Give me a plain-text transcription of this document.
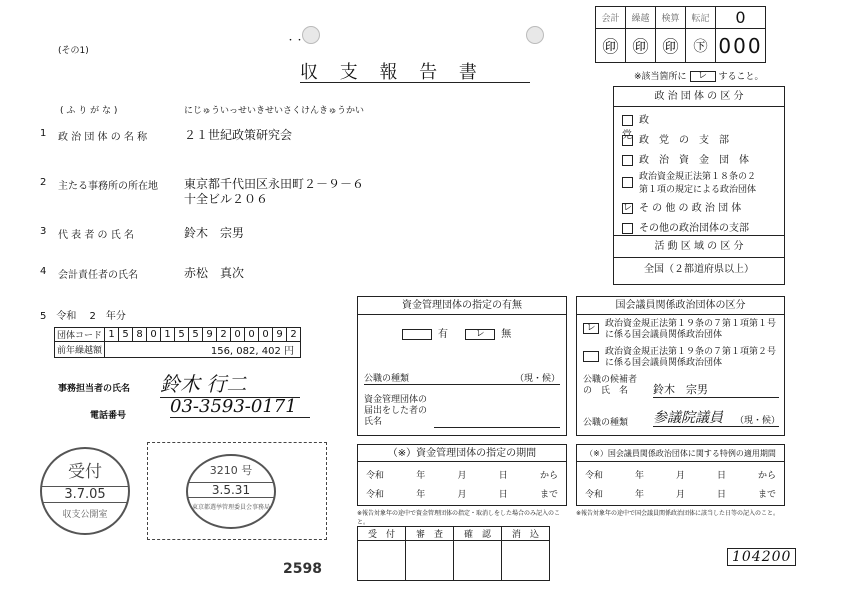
・・
(その1)
収 支 報 告 書
会計	繰越	検算	転記	0
㊞	㊞	㊞	㊦	000
※該当箇所に レ すること。
( ふ り が な )	にじゅういっせいきせいさくけんきゅうかい
1 政 治 団 体 の 名 称	２１世紀政策研究会
2 主たる事務所の所在地 東京都千代田区永田町２－９－６
十全ビル２０６
3 代 表 者 の 氏 名	鈴木　宗男
4 会計責任者の氏名	赤松　真次
5　令和　 2　年分
団体コード	1	5	8	0	1	5	5	9	2	0	0	0	9	2
前年繰越額	156, 082, 402 円													
事務担当者の氏名 鈴木 行二
電話番号 03-3593-0171
政 治 団 体 の 区 分
政　　　　　　　　　　　　党 政　党　の　支　部
政　治　資　金　団　体
政治資金規正法第１８条の２
第１項の規定による政治団体
レ そ の 他 の 政 治 団 体
その他の政治団体の支部
活 動 区 域 の 区 分
全国（２都道府県以上）
資金管理団体の指定の有無
有	レ 無
公職の種類	（現・候）
資金管理団体の届出をした者の氏名
国会議員関係政治団体の区分
レ	政治資金規正法第１９条の７第１項第１号に係る国会議員関係政治団体
政治資金規正法第１９条の７第１項第２号に係る国会議員関係政治団体
公職の候補者の　氏　名	鈴木　宗男
公職の種類 参議院議員 （現・候）
（※）資金管理団体の指定の期間
令和	年	月	日	から
令和	年	月	日	まで
※報告対象年の途中で資金管理団体の指定・取消しをした場合のみ記入のこと。
（※）国会議員関係政治団体に関する特例の適用期間
令和	年	月	日	から
令和	年	月	日	まで
※報告対象年の途中で国会議員関係政治団体に該当した日等の記入のこと。
受　付	審　査	確　認	消　込

104200
受付
3.7.05
収支公開室
3210 号
3.5.31
東京都選挙管理委員会事務局
2598
